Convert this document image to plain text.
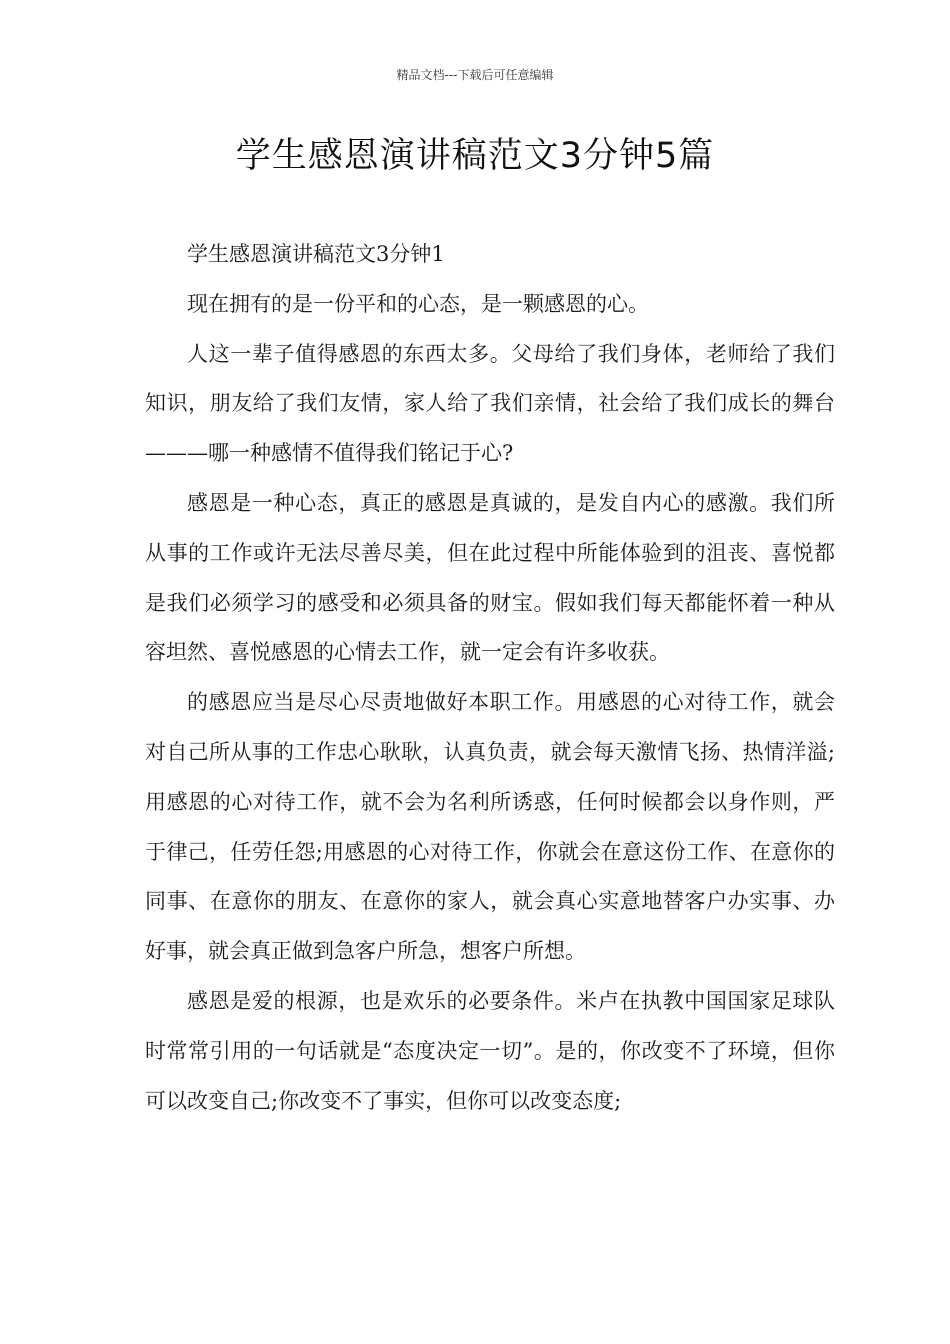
精品文档---下载后可任意编辑
学生感恩演讲稿范文3分钟5篇

学生感恩演讲稿范文3分钟1

现在拥有的是一份平和的心态，是一颗感恩的心。

人这一辈子值得感恩的东西太多。父母给了我们身体，老师给了我们知识，朋友给了我们友情，家人给了我们亲情，社会给了我们成长的舞台———哪一种感情不值得我们铭记于心?

感恩是一种心态，真正的感恩是真诚的，是发自内心的感激。我们所从事的工作或许无法尽善尽美，但在此过程中所能体验到的沮丧、喜悦都是我们必须学习的感受和必须具备的财宝。假如我们每天都能怀着一种从容坦然、喜悦感恩的心情去工作，就一定会有许多收获。

的感恩应当是尽心尽责地做好本职工作。用感恩的心对待工作，就会对自己所从事的工作忠心耿耿，认真负责，就会每天激情飞扬、热情洋溢;用感恩的心对待工作，就不会为名利所诱惑，任何时候都会以身作则，严于律己，任劳任怨;用感恩的心对待工作，你就会在意这份工作、在意你的同事、在意你的朋友、在意你的家人，就会真心实意地替客户办实事、办好事，就会真正做到急客户所急，想客户所想。

感恩是爱的根源，也是欢乐的必要条件。米卢在执教中国国家足球队时常常引用的一句话就是“态度决定一切”。是的，你改变不了环境，但你可以改变自己;你改变不了事实，但你可以改变态度;
